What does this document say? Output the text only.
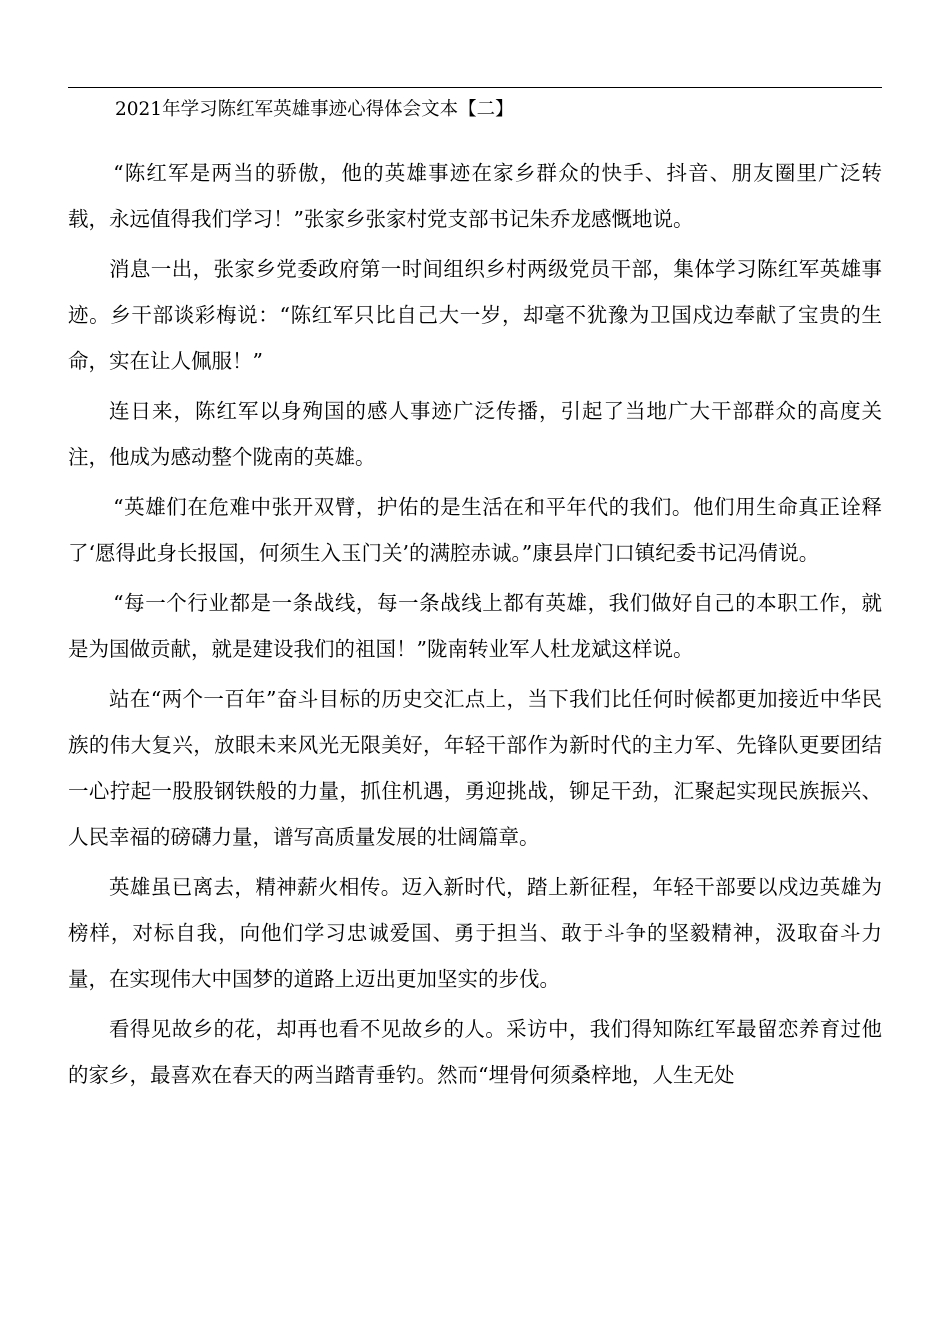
2021年学习陈红军英雄事迹心得体会文本【二】

“陈红军是两当的骄傲，他的英雄事迹在家乡群众的快手、抖音、朋友圈里广泛转载，永远值得我们学习！”张家乡张家村党支部书记朱乔龙感慨地说。

消息一出，张家乡党委政府第一时间组织乡村两级党员干部，集体学习陈红军英雄事迹。乡干部谈彩梅说：“陈红军只比自己大一岁，却毫不犹豫为卫国戍边奉献了宝贵的生命，实在让人佩服！”

连日来，陈红军以身殉国的感人事迹广泛传播，引起了当地广大干部群众的高度关注，他成为感动整个陇南的英雄。

“英雄们在危难中张开双臂，护佑的是生活在和平年代的我们。他们用生命真正诠释了‘愿得此身长报国，何须生入玉门关’的满腔赤诚。”康县岸门口镇纪委书记冯倩说。

“每一个行业都是一条战线，每一条战线上都有英雄，我们做好自己的本职工作，就是为国做贡献，就是建设我们的祖国！”陇南转业军人杜龙斌这样说。

站在“两个一百年”奋斗目标的历史交汇点上，当下我们比任何时候都更加接近中华民族的伟大复兴，放眼未来风光无限美好，年轻干部作为新时代的主力军、先锋队更要团结一心拧起一股股钢铁般的力量，抓住机遇，勇迎挑战，铆足干劲，汇聚起实现民族振兴、人民幸福的磅礴力量，谱写高质量发展的壮阔篇章。

英雄虽已离去，精神薪火相传。迈入新时代，踏上新征程，年轻干部要以戍边英雄为榜样，对标自我，向他们学习忠诚爱国、勇于担当、敢于斗争的坚毅精神，汲取奋斗力量，在实现伟大中国梦的道路上迈出更加坚实的步伐。

看得见故乡的花，却再也看不见故乡的人。采访中，我们得知陈红军最留恋养育过他的家乡，最喜欢在春天的两当踏青垂钓。然而“埋骨何须桑梓地，人生无处
